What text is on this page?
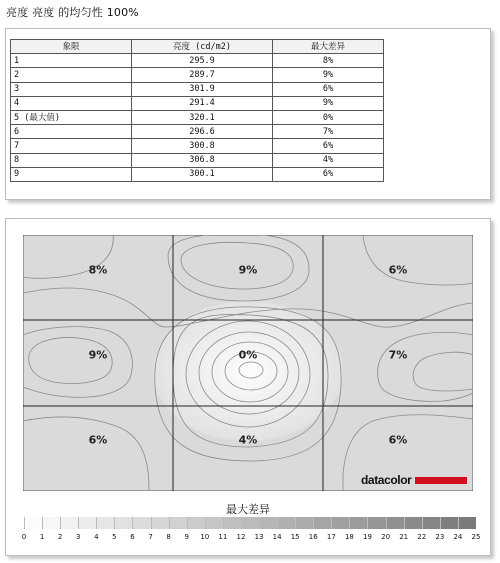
亮度 亮度 的均匀性 100%
象限	亮度 (cd/m2)	最大差异
1	295.9	8%
2	289.7	9%
3	301.9	6%
4	291.4	9%
5 (最大值)	320.1	0%
6	296.6	7%
7	300.8	6%
8	306.8	4%
9	300.1	6%
8%	9%	6%
9%	0%	7%
6%	4%	6%
datacolor
最大差异
0 1 2 3 4 5 6 7 8 9 10 11 12 13 14 15 16 17 18 19 20 21 22 23 24 25
